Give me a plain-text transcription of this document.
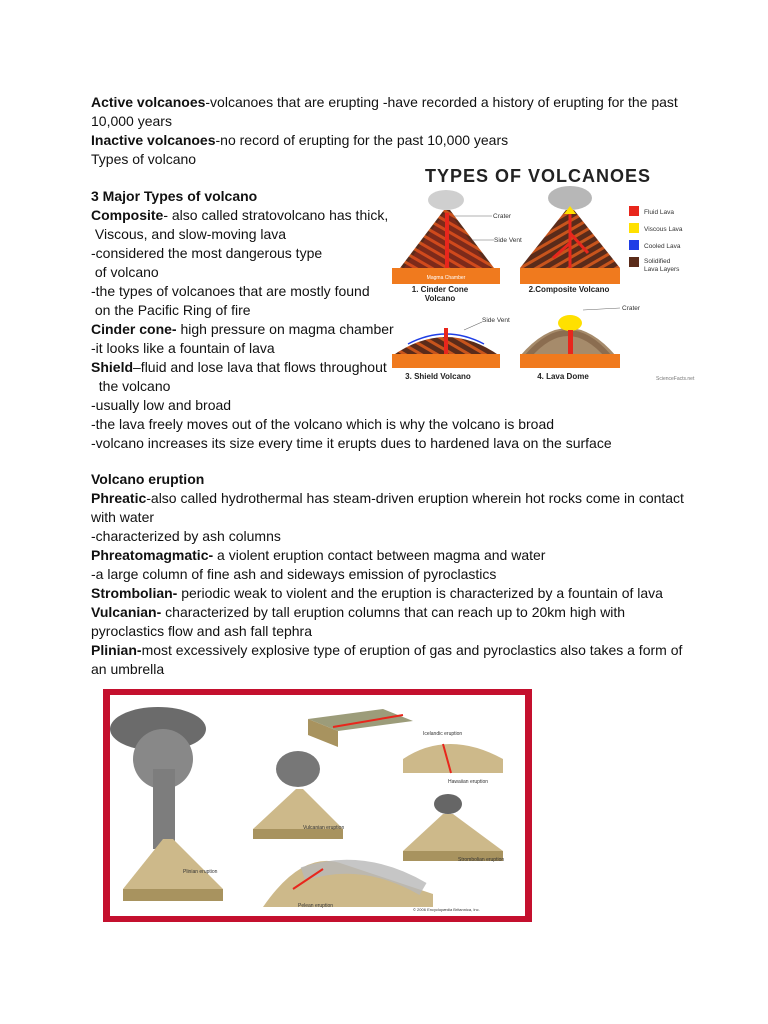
Active volcanoes-volcanoes that are erupting -have recorded a history of erupting for the past
10,000 years
Inactive volcanoes-no record of erupting for the past 10,000 years
Types of volcano
3 Major Types of volcano
Composite- also called stratovolcano has thick,
Viscous, and slow-moving lava
-considered the most dangerous type
of volcano
-the types of volcanoes that are mostly found
on the Pacific Ring of fire
Cinder cone- high pressure on magma chamber
-it looks like a fountain of lava
Shield–fluid and lose lava that flows throughout
the volcano
-usually low and broad
-the lava freely moves out of the volcano which is why the volcano is broad
-volcano increases its size every time it erupts dues to hardened lava on the surface
Volcano eruption
Phreatic-also called hydrothermal has steam-driven eruption wherein hot rocks come in contact
with water
-characterized by ash columns
Phreatomagmatic- a violent eruption contact between magma and water
-a large column of fine ash and sideways emission of pyroclastics
Strombolian- periodic weak to violent and the eruption is characterized by a fountain of lava
Vulcanian- characterized by tall eruption columns that can reach up to 20km high with
pyroclastics flow and ash fall tephra
Plinian-most excessively explosive type of eruption of gas and pyroclastics also takes a form of
an umbrella
TYPES OF VOLCANOES
Magma Chamber
Crater
Side Vent
Fluid Lava
Viscous Lava
Cooled Lava
Solidified
Lava Layers
1. Cinder Cone
Volcano
2.Composite Volcano
3. Shield Volcano	4. Lava Dome
Side Vent
Crater
ScienceFacts.net
Icelandic eruption
Hawaiian eruption
Vulcanian eruption
Strombolian eruption
Plinian eruption
Pelean eruption
© 2006 Encyclopædia Britannica, Inc.
